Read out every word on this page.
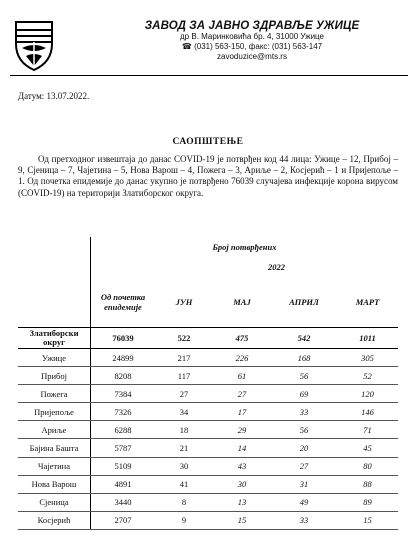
ЗАВОД ЗА ЈАВНО ЗДРАВЉЕ УЖИЦЕ
др В. Маринковића бр. 4, 31000 Ужице
☎ (031) 563-150, факс: (031) 563-147
zavoduzice@mts.rs
Датум: 13.07.2022.
САОПШТЕЊЕ

Од претходног извештаја до данас COVID-19 је потврђен код 44 лица: Ужице – 12, Прибој – 9, Сјеница – 7, Чајетина – 5, Нова Варош – 4, Пожега – 3, Ариље – 2, Косјерић – 1 и Пријепоље – 1. Од почетка епидемије до данас укупно је потврђено 76039 случајева инфекције корона вирусом (COVID-19) на територији Златиборског округа.

	Број потврђених				
		2022			
	Од почетка епидемије	ЈУН	МАЈ	АПРИЛ	МАРТ
Златиборски округ	76039	522	475	542	1011
Ужице	24899	217	226	168	305
Прибој	8208	117	61	56	52
Пожега	7384	27	27	69	120
Пријепоље	7326	34	17	33	146
Ариље	6288	18	29	56	71
Бајина Башта	5787	21	14	20	45
Чајетина	5109	30	43	27	80
Нова Варош	4891	41	30	31	88
Сјеница	3440	8	13	49	89
Косјерић	2707	9	15	33	15
